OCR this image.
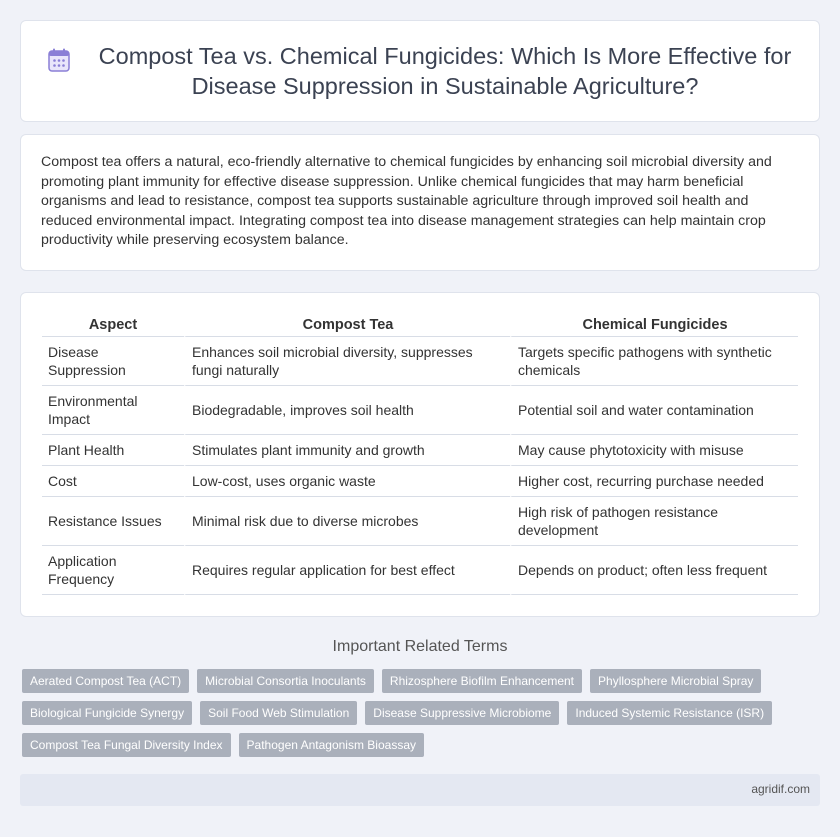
Compost Tea vs. Chemical Fungicides: Which Is More Effective for Disease Suppression in Sustainable Agriculture?

Compost tea offers a natural, eco-friendly alternative to chemical fungicides by enhancing soil microbial diversity and promoting plant immunity for effective disease suppression. Unlike chemical fungicides that may harm beneficial organisms and lead to resistance, compost tea supports sustainable agriculture through improved soil health and reduced environmental impact. Integrating compost tea into disease management strategies can help maintain crop productivity while preserving ecosystem balance.

Aspect	Compost Tea	Chemical Fungicides
Disease Suppression	Enhances soil microbial diversity, suppresses fungi naturally	Targets specific pathogens with synthetic chemicals
Environmental Impact	Biodegradable, improves soil health	Potential soil and water contamination
Plant Health	Stimulates plant immunity and growth	May cause phytotoxicity with misuse
Cost	Low-cost, uses organic waste	Higher cost, recurring purchase needed
Resistance Issues	Minimal risk due to diverse microbes	High risk of pathogen resistance development
Application Frequency	Requires regular application for best effect	Depends on product; often less frequent
Important Related Terms
Aerated Compost Tea (ACT)	Microbial Consortia Inoculants	Rhizosphere Biofilm Enhancement	Phyllosphere Microbial Spray
Biological Fungicide Synergy	Soil Food Web Stimulation	Disease Suppressive Microbiome	Induced Systemic Resistance (ISR)
Compost Tea Fungal Diversity Index	Pathogen Antagonism Bioassay
agridif.com
